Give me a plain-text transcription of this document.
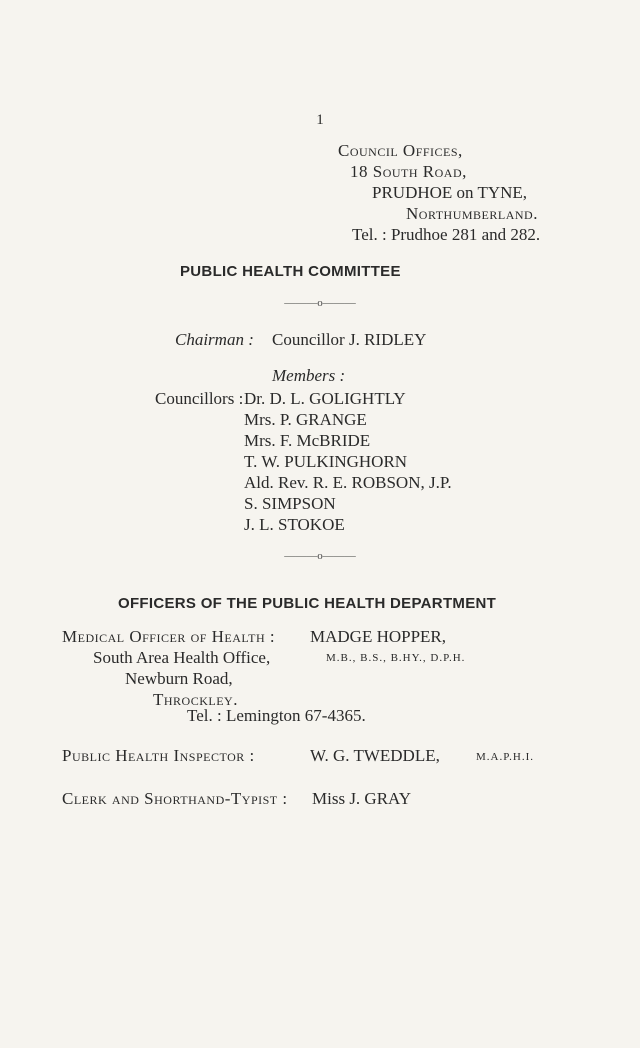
1
Council Offices,
18 South Road,
PRUDHOE on TYNE,
Northumberland.
Tel. : Prudhoe 281 and 282.
PUBLIC HEALTH COMMITTEE
———o———
Chairman : Councillor J. RIDLEY
Members :
Councillors : Dr. D. L. GOLIGHTLY
Mrs. P. GRANGE
Mrs. F. McBRIDE
T. W. PULKINGHORN
Ald. Rev. R. E. ROBSON, J.P.
S. SIMPSON
J. L. STOKOE
———o———
OFFICERS OF THE PUBLIC HEALTH DEPARTMENT
Medical Officer of Health : MADGE HOPPER,
M.B., B.S., B.HY., D.P.H.
South Area Health Office,
Newburn Road,
Throckley.
Tel. : Lemington 67-4365.
Public Health Inspector :	W. G. TWEDDLE,	M.A.P.H.I.
Clerk and Shorthand-Typist : Miss J. GRAY
